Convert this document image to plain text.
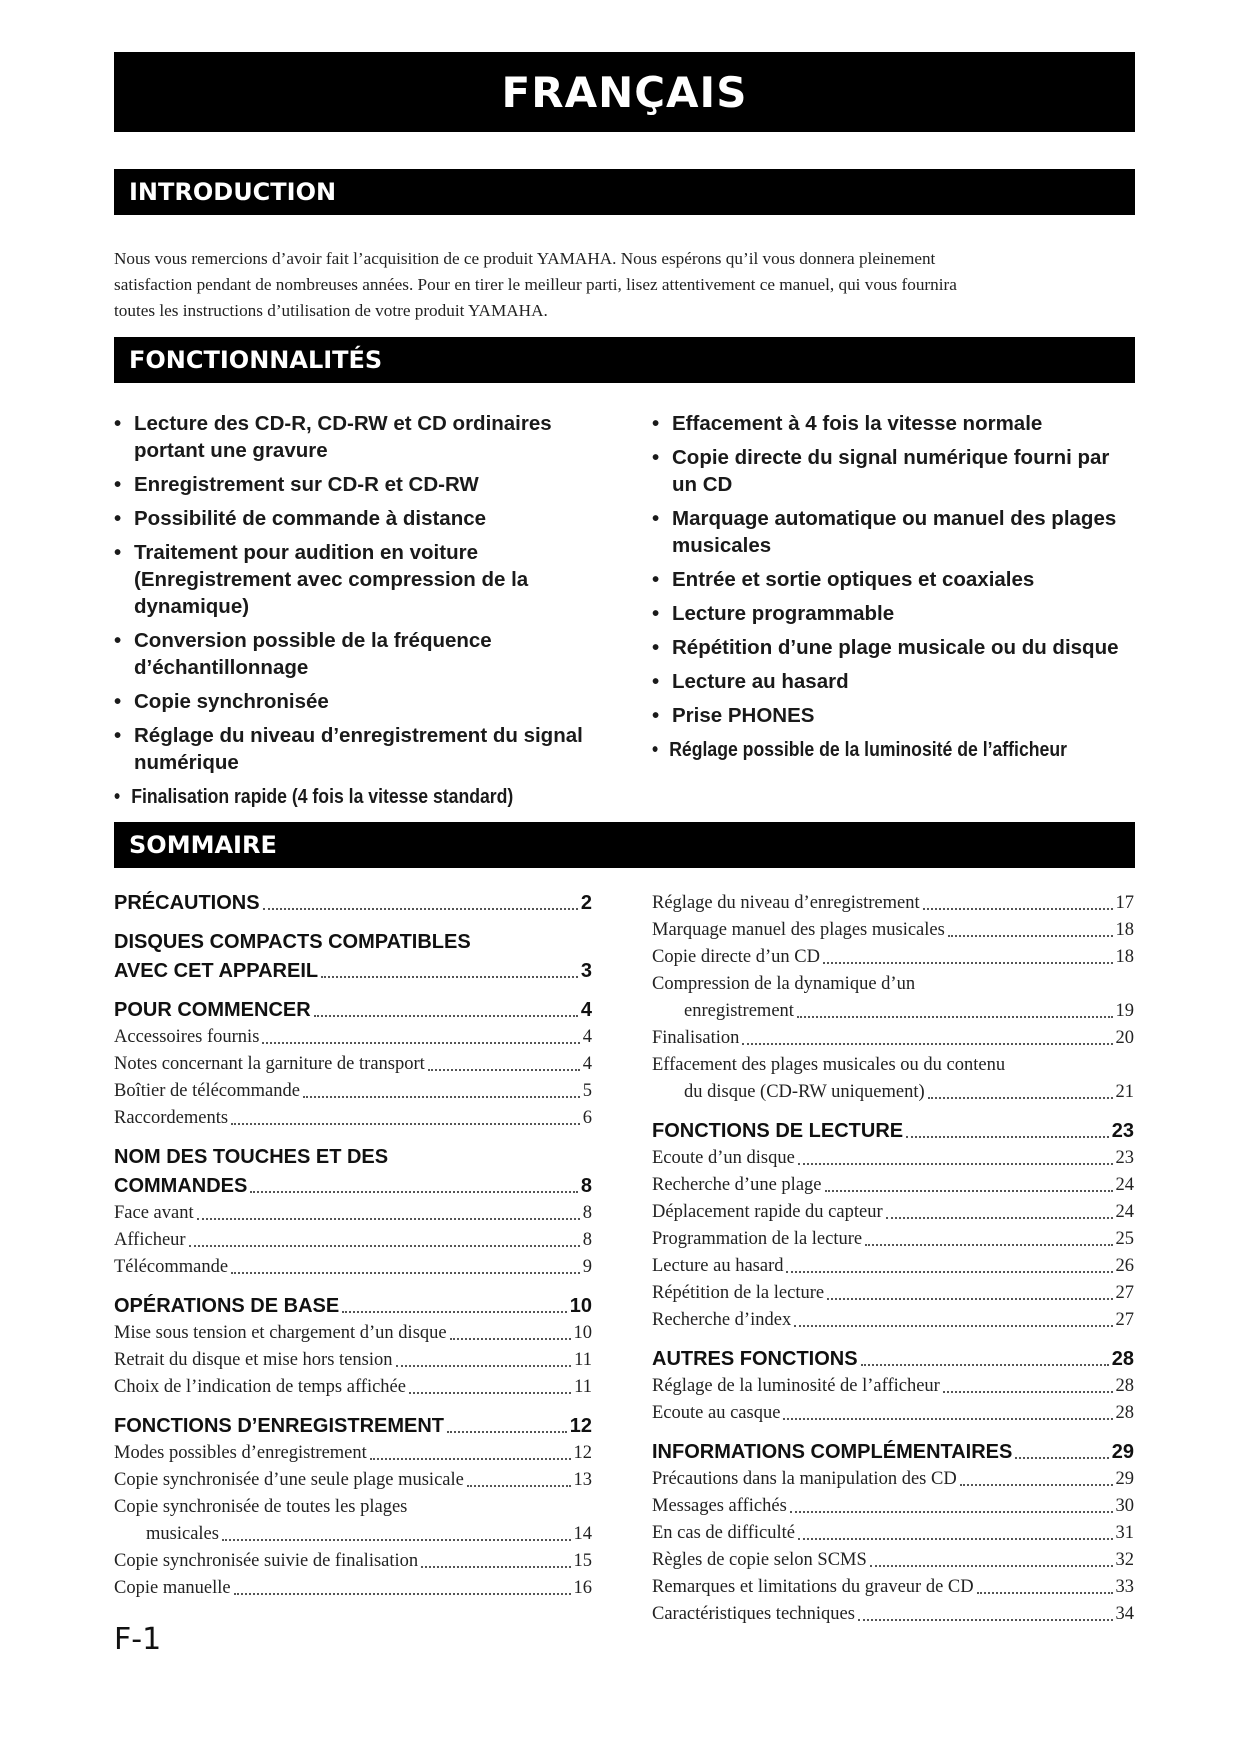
FRANÇAIS
INTRODUCTION

Nous vous remercions d’avoir fait l’acquisition de ce produit YAMAHA. Nous espérons qu’il vous donnera pleinement
satisfaction pendant de nombreuses années. Pour en tirer le meilleur parti, lisez attentivement ce manuel, qui vous fournira
toutes les instructions d’utilisation de votre produit YAMAHA.

FONCTIONNALITÉS
• Lecture des CD-R, CD-RW et CD ordinaires portant une gravure
• Enregistrement sur CD-R et CD-RW
• Possibilité de commande à distance
• Traitement pour audition en voiture (Enregistrement avec compression de la dynamique)
• Conversion possible de la fréquence d’échantillonnage
• Copie synchronisée
• Réglage du niveau d’enregistrement du signal numérique
• Finalisation rapide (4 fois la vitesse standard)
• Effacement à 4 fois la vitesse normale
• Copie directe du signal numérique fourni par un CD
• Marquage automatique ou manuel des plages musicales
• Entrée et sortie optiques et coaxiales
• Lecture programmable
• Répétition d’une plage musicale ou du disque
• Lecture au hasard
• Prise PHONES
• Réglage possible de la luminosité de l’afficheur
SOMMAIRE
PRÉCAUTIONS	2
DISQUES COMPACTS COMPATIBLES
AVEC CET APPAREIL	3
POUR COMMENCER	4
Accessoires fournis	4
Notes concernant la garniture de transport	4
Boîtier de télécommande	5
Raccordements	6
NOM DES TOUCHES ET DES
COMMANDES	8
Face avant	8
Afficheur	8
Télécommande	9
OPÉRATIONS DE BASE	10
Mise sous tension et chargement d’un disque	10
Retrait du disque et mise hors tension	11
Choix de l’indication de temps affichée	11
FONCTIONS D’ENREGISTREMENT	12
Modes possibles d’enregistrement	12
Copie synchronisée d’une seule plage musicale	13
Copie synchronisée de toutes les plages
musicales	14
Copie synchronisée suivie de finalisation	15
Copie manuelle	16
Réglage du niveau d’enregistrement	17
Marquage manuel des plages musicales	18
Copie directe d’un CD	18
Compression de la dynamique d’un
enregistrement	19
Finalisation	20
Effacement des plages musicales ou du contenu
du disque (CD-RW uniquement)	21
FONCTIONS DE LECTURE	23
Ecoute d’un disque	23
Recherche d’une plage	24
Déplacement rapide du capteur	24
Programmation de la lecture	25
Lecture au hasard	26
Répétition de la lecture	27
Recherche d’index	27
AUTRES FONCTIONS	28
Réglage de la luminosité de l’afficheur	28
Ecoute au casque	28
INFORMATIONS COMPLÉMENTAIRES	29
Précautions dans la manipulation des CD	29
Messages affichés	30
En cas de difficulté	31
Règles de copie selon SCMS	32
Remarques et limitations du graveur de CD	33
Caractéristiques techniques	34
F-1
